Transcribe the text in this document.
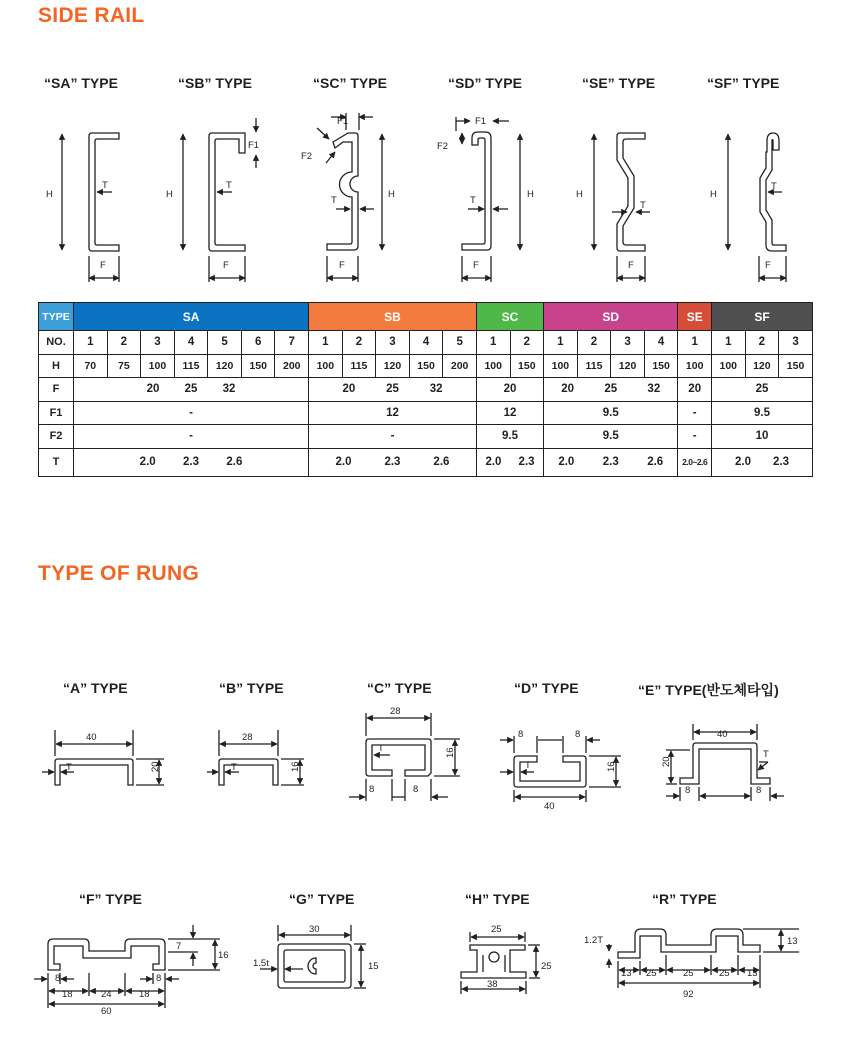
SIDE RAIL
“SA” TYPE	“SB” TYPE	“SC” TYPE	“SD” TYPE	“SE” TYPE	“SF” TYPE
H
T
F
H
T
F
F1
H
T
F
F1
F2
H
T
F
F1
F2
H
T
F
H
T
F
TYPE	SA							SB					SC		SD				SE	SF		
NO.	1	2	3	4	5	6	7	1	2	3	4	5	1	2	1	2	3	4	1	1	2	3
H	70	75	100	115	120	150	200	100	115	120	150	200	100	150	100	115	120	150	100	100	120	150
F	20 25 32							20 25 32					20		20 25 32				20	25		
F1	-							12					12		9.5				-	9.5		
F2	-							-					9.5		9.5				-	10		
T	2.0 2.3 2.6							2.0 2.3 2.6					2.0 2.3		2.0 2.3 2.6				2.0~2.6	2.0 2.3		
TYPE OF RUNG
“A” TYPE	“B” TYPE	“C” TYPE	“D” TYPE	“E” TYPE(반도체타입)
“F” TYPE	“G” TYPE	“H” TYPE	“R” TYPE
40
20
T
28
16
T
28
16
T
8	8
8	8
16
T
40
40
20
T
8	8
7
16
8	8
18	24	18
60
30
15
1.5t
25
25
38
1.2T	13
13 25	25	25 13
92
